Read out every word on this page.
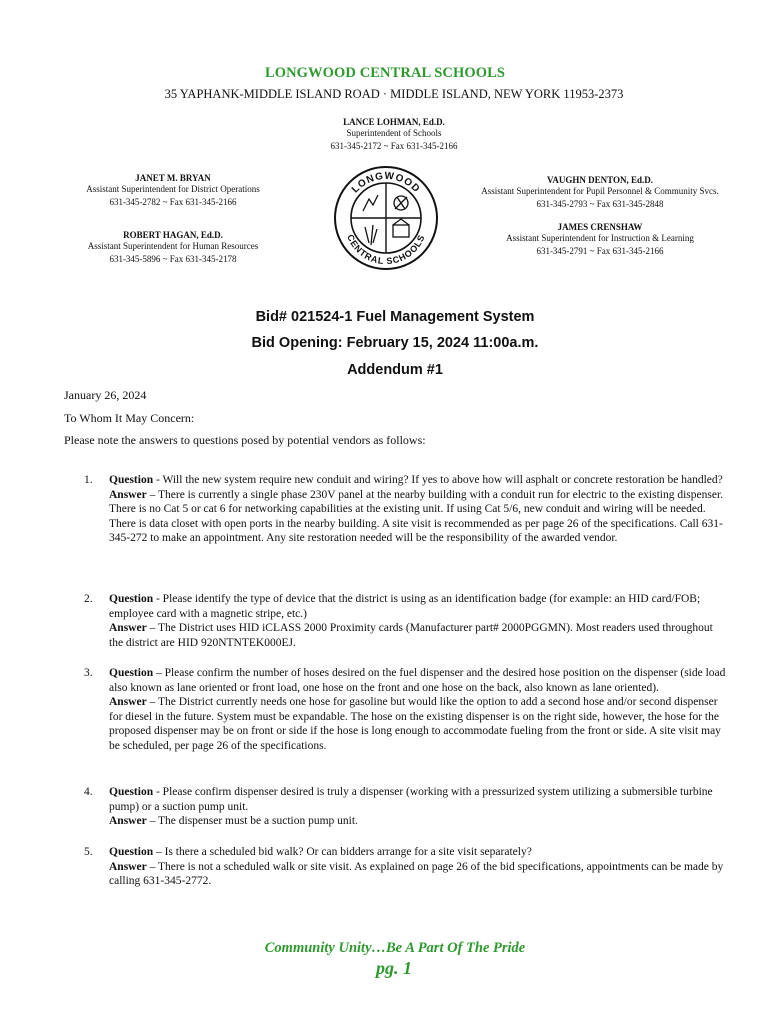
LONGWOOD CENTRAL SCHOOLS
35 YAPHANK-MIDDLE ISLAND ROAD · MIDDLE ISLAND, NEW YORK 11953-2373
LANCE LOHMAN, Ed.D.
Superintendent of Schools
631-345-2172 ~ Fax 631-345-2166
JANET M. BRYAN
Assistant Superintendent for District Operations
631-345-2782 ~ Fax 631-345-2166
ROBERT HAGAN, Ed.D.
Assistant Superintendent for Human Resources
631-345-5896 ~ Fax 631-345-2178
VAUGHN DENTON, Ed.D.
Assistant Superintendent for Pupil Personnel & Community Svcs.
631-345-2793 ~ Fax 631-345-2848
JAMES CRENSHAW
Assistant Superintendent for Instruction & Learning
631-345-2791 ~ Fax 631-345-2166
LONGWOOD
CENTRAL SCHOOLS
Bid# 021524-1 Fuel Management System
Bid Opening: February 15, 2024 11:00a.m.
Addendum #1
January 26, 2024
To Whom It May Concern:
Please note the answers to questions posed by potential vendors as follows:
1. Question - Will the new system require new conduit and wiring? If yes to above how will asphalt or concrete restoration be handled?
Answer – There is currently a single phase 230V panel at the nearby building with a conduit run for electric to the existing dispenser. There is no Cat 5 or cat 6 for networking capabilities at the existing unit. If using Cat 5/6, new conduit and wiring will be needed. There is data closet with open ports in the nearby building. A site visit is recommended as per page 26 of the specifications. Call 631-345-272 to make an appointment. Any site restoration needed will be the responsibility of the awarded vendor.
2. Question - Please identify the type of device that the district is using as an identification badge (for example: an HID card/FOB; employee card with a magnetic stripe, etc.)
Answer – The District uses HID iCLASS 2000 Proximity cards (Manufacturer part# 2000PGGMN). Most readers used throughout the district are HID 920NTNTEK000EJ.
3. Question – Please confirm the number of hoses desired on the fuel dispenser and the desired hose position on the dispenser (side load also known as lane oriented or front load, one hose on the front and one hose on the back, also known as lane oriented).
Answer – The District currently needs one hose for gasoline but would like the option to add a second hose and/or second dispenser for diesel in the future. System must be expandable. The hose on the existing dispenser is on the right side, however, the hose for the proposed dispenser may be on front or side if the hose is long enough to accommodate fueling from the front or side. A site visit may be scheduled, per page 26 of the specifications.
4. Question - Please confirm dispenser desired is truly a dispenser (working with a pressurized system utilizing a submersible turbine pump) or a suction pump unit.
Answer – The dispenser must be a suction pump unit.
5. Question – Is there a scheduled bid walk? Or can bidders arrange for a site visit separately?
Answer – There is not a scheduled walk or site visit. As explained on page 26 of the bid specifications, appointments can be made by calling 631-345-2772.
Community Unity…Be A Part Of The Pride
pg. 1
